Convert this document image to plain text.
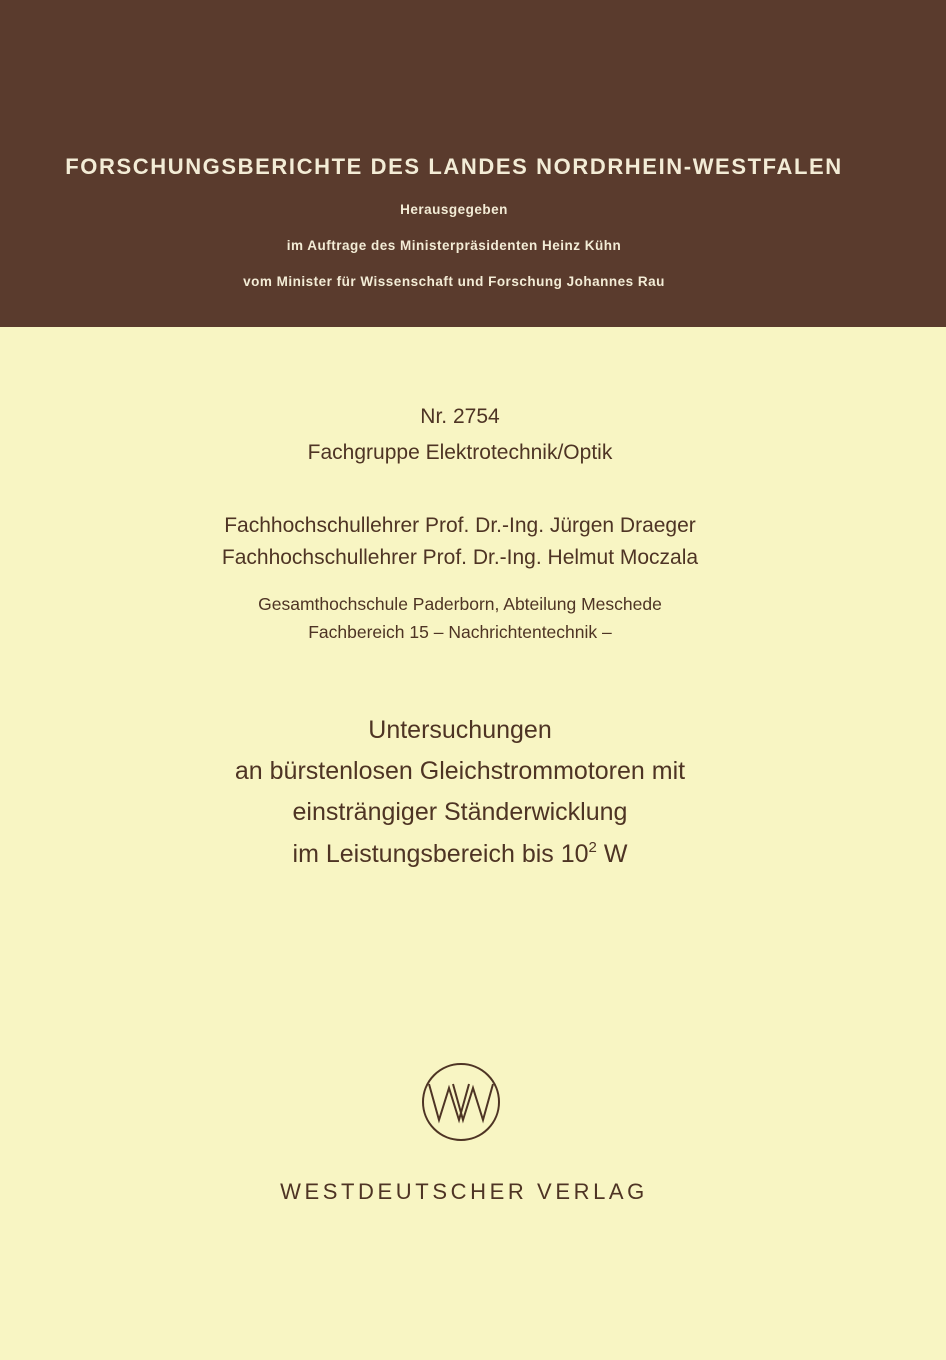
FORSCHUNGSBERICHTE DES LANDES NORDRHEIN-WESTFALEN
Herausgegeben
im Auftrage des Ministerpräsidenten Heinz Kühn
vom Minister für Wissenschaft und Forschung Johannes Rau
Nr. 2754
Fachgruppe Elektrotechnik/Optik
Fachhochschullehrer Prof. Dr.-Ing. Jürgen Draeger
Fachhochschullehrer Prof. Dr.-Ing. Helmut Moczala
Gesamthochschule Paderborn, Abteilung Meschede
Fachbereich 15 – Nachrichtentechnik –
Untersuchungen
an bürstenlosen Gleichstrommotoren mit
einsträngiger Ständerwicklung
im Leistungsbereich bis $10^2$ W
WESTDEUTSCHER VERLAG
